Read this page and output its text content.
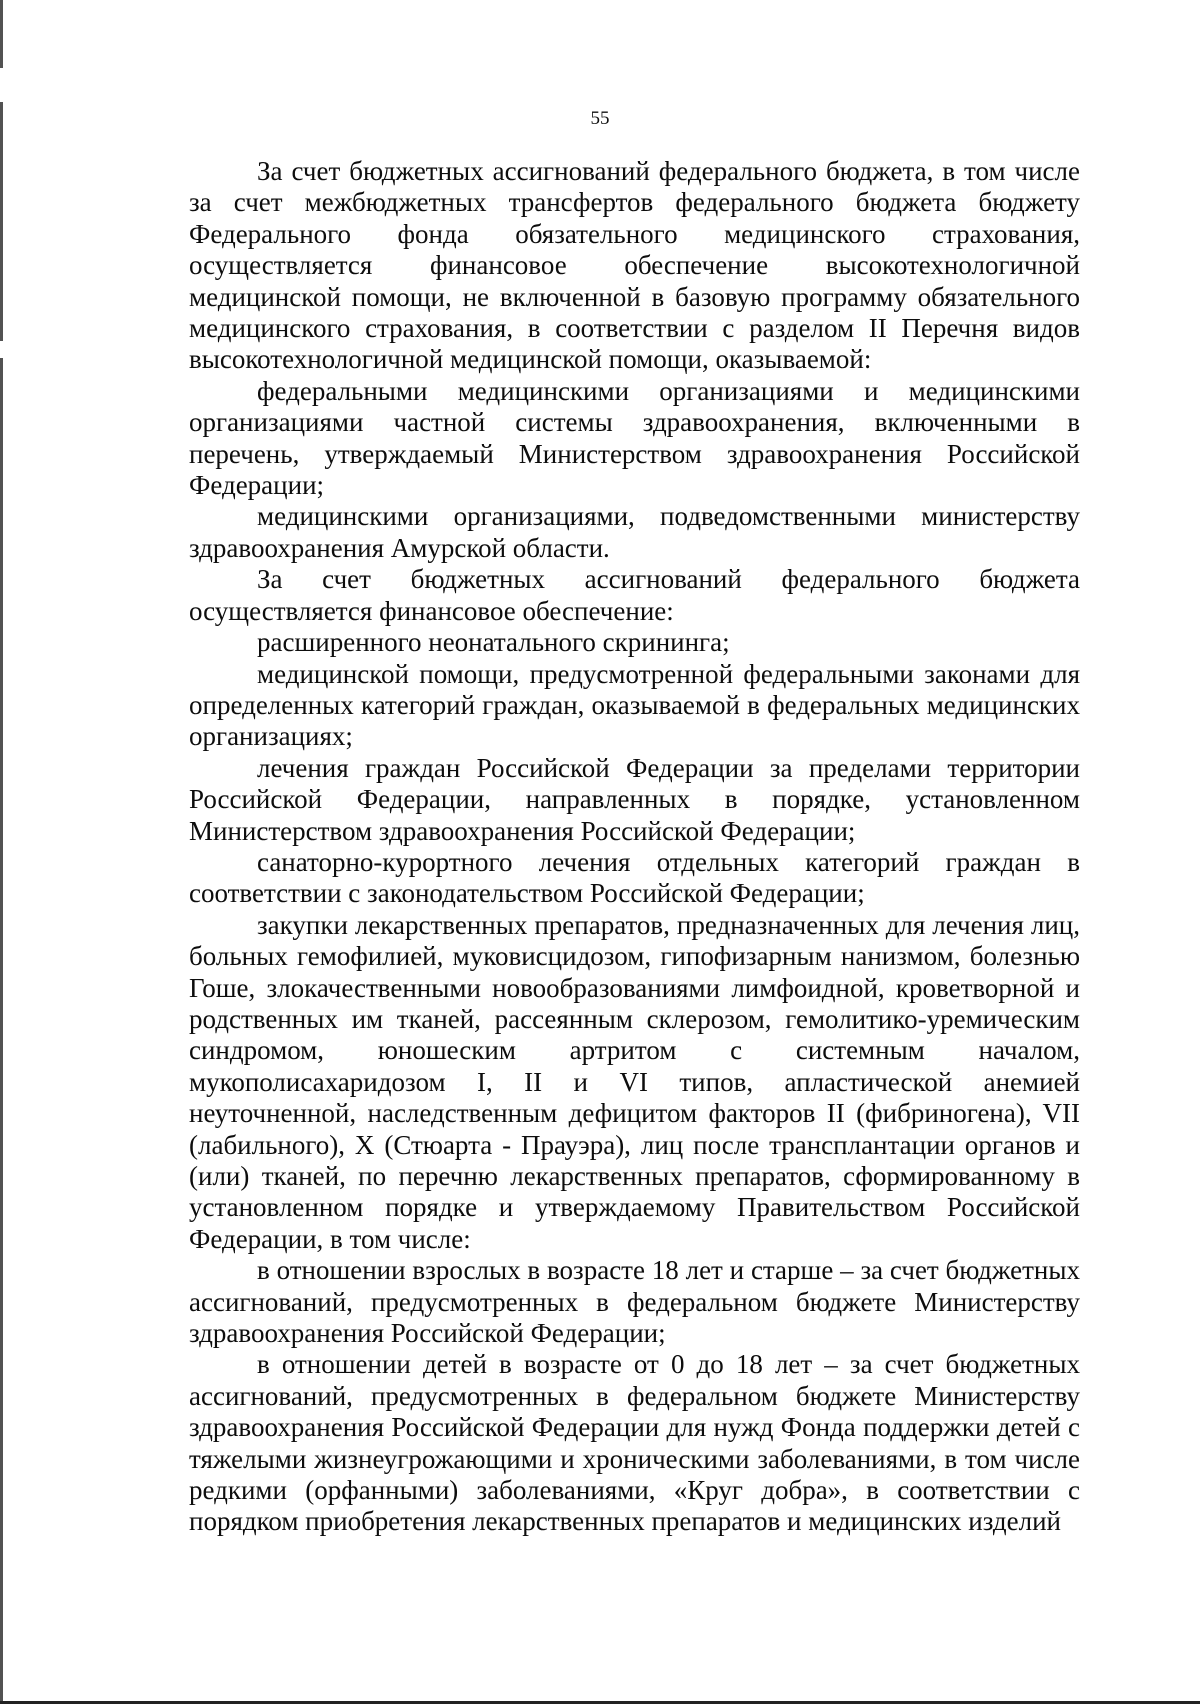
55

За счет бюджетных ассигнований федерального бюджета, в том числе за счет межбюджетных трансфертов федерального бюджета бюджету Федерального фонда обязательного медицинского страхования, осуществляется финансовое обеспечение высокотехнологичной медицинской помощи, не включенной в базовую программу обязательного медицинского страхования, в соответствии с разделом II Перечня видов высокотехнологичной медицинской помощи, оказываемой:

федеральными медицинскими организациями и медицинскими организациями частной системы здравоохранения, включенными в перечень, утверждаемый Министерством здравоохранения Российской Федерации;

медицинскими организациями, подведомственными министерству здравоохранения Амурской области.

За счет бюджетных ассигнований федерального бюджета осуществляется финансовое обеспечение:

расширенного неонатального скрининга;

медицинской помощи, предусмотренной федеральными законами для определенных категорий граждан, оказываемой в федеральных медицинских организациях;

лечения граждан Российской Федерации за пределами территории Российской Федерации, направленных в порядке, установленном Министерством здравоохранения Российской Федерации;

санаторно-курортного лечения отдельных категорий граждан в соответствии с законодательством Российской Федерации;

закупки лекарственных препаратов, предназначенных для лечения лиц, больных гемофилией, муковисцидозом, гипофизарным нанизмом, болезнью Гоше, злокачественными новообразованиями лимфоидной, кроветворной и родственных им тканей, рассеянным склерозом, гемолитико-уремическим синдромом, юношеским артритом с системным началом, мукополисахаридозом I, II и VI типов, апластической анемией неуточненной, наследственным дефицитом факторов II (фибриногена), VII (лабильного), X (Стюарта - Прауэра), лиц после трансплантации органов и (или) тканей, по перечню лекарственных препаратов, сформированному в установленном порядке и утверждаемому Правительством Российской Федерации, в том числе:

в отношении взрослых в возрасте 18 лет и старше – за счет бюджетных ассигнований, предусмотренных в федеральном бюджете Министерству здравоохранения Российской Федерации;

в отношении детей в возрасте от 0 до 18 лет – за счет бюджетных ассигнований, предусмотренных в федеральном бюджете Министерству здравоохранения Российской Федерации для нужд Фонда поддержки детей с тяжелыми жизнеугрожающими и хроническими заболеваниями, в том числе редкими (орфанными) заболеваниями, «Круг добра», в соответствии с порядком приобретения лекарственных препаратов и медицинских изделий
